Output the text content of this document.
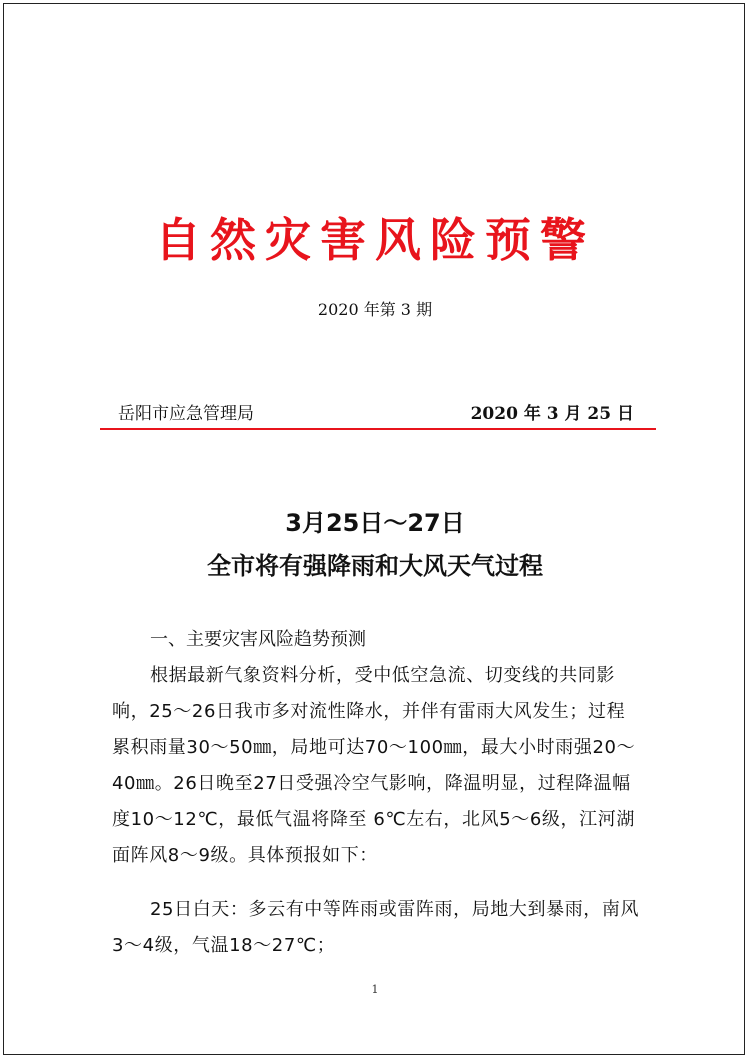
自然灾害风险预警
2020 年第 3 期
岳阳市应急管理局	2020 年 3 月 25 日
3月25日～27日
全市将有强降雨和大风天气过程
一、主要灾害风险趋势预测
根据最新气象资料分析，受中低空急流、切变线的共同影响，25～26日我市多对流性降水，并伴有雷雨大风发生；过程累积雨量30～50㎜，局地可达70～100㎜，最大小时雨强20～40㎜。26日晚至27日受强冷空气影响，降温明显，过程降温幅度10～12℃，最低气温将降至 6℃左右，北风5～6级，江河湖面阵风8～9级。具体预报如下：
25日白天：多云有中等阵雨或雷阵雨，局地大到暴雨，南风3～4级，气温18～27℃；
1
